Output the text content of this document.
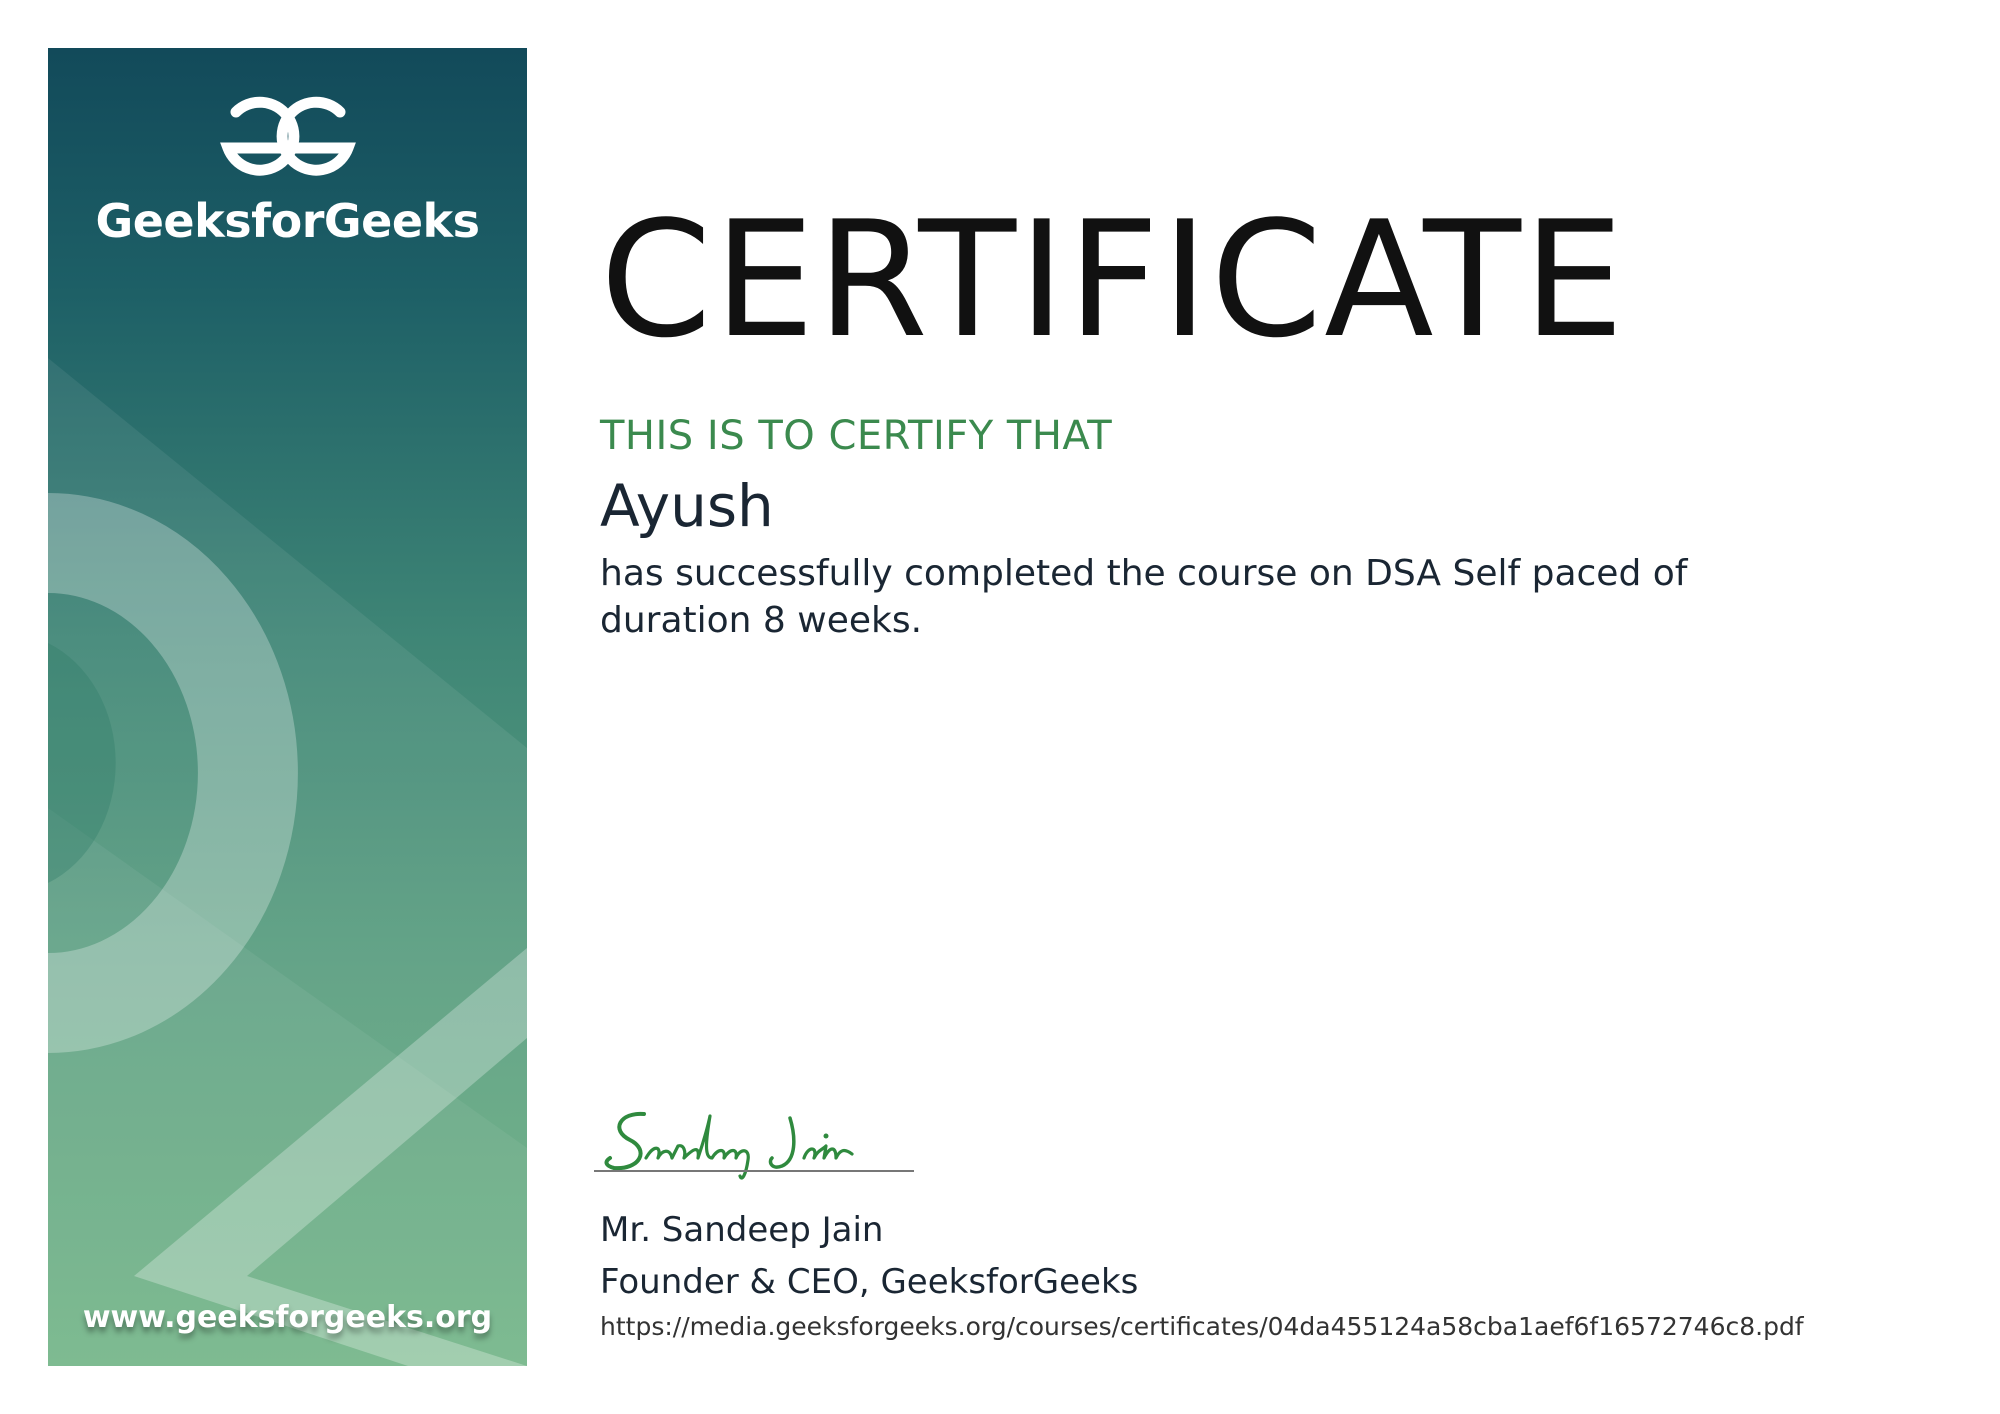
GeeksforGeeks
www.geeksforgeeks.org
CERTIFICATE
THIS IS TO CERTIFY THAT
Ayush
has successfully completed the course on DSA Self paced of duration 8 weeks.
Mr. Sandeep Jain
Founder & CEO, GeeksforGeeks
https://media.geeksforgeeks.org/courses/certificates/04da455124a58cba1aef6f16572746c8.pdf
